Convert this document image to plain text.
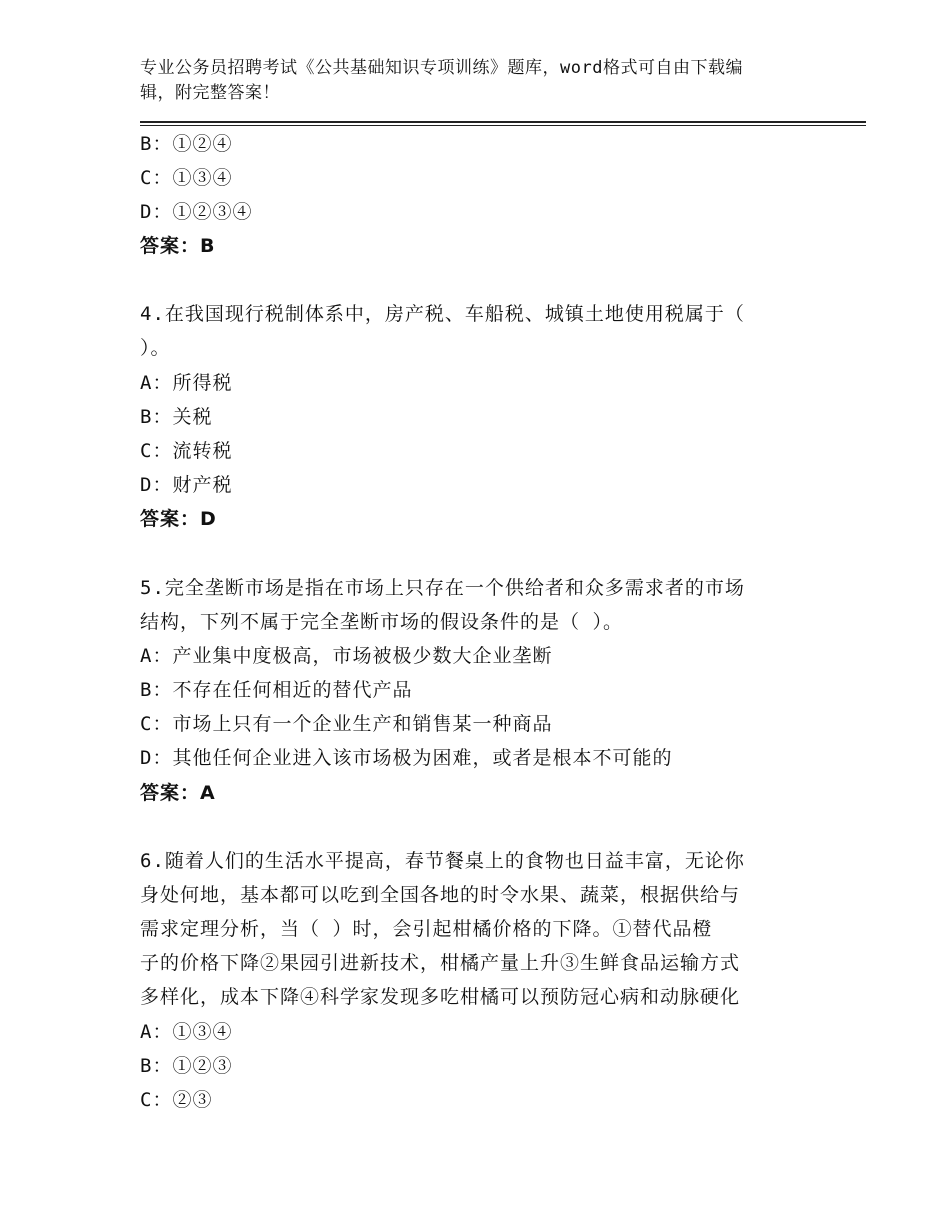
专业公务员招聘考试《公共基础知识专项训练》题库，word格式可自由下载编
辑，附完整答案！
B：①②④
C：①③④
D：①②③④
答案：B
4.在我国现行税制体系中，房产税、车船税、城镇土地使用税属于（
）。
A：所得税
B：关税
C：流转税
D：财产税
答案：D
5.完全垄断市场是指在市场上只存在一个供给者和众多需求者的市场
结构，下列不属于完全垄断市场的假设条件的是（ ）。
A：产业集中度极高，市场被极少数大企业垄断
B：不存在任何相近的替代产品
C：市场上只有一个企业生产和销售某一种商品
D：其他任何企业进入该市场极为困难，或者是根本不可能的
答案：A
6.随着人们的生活水平提高，春节餐桌上的食物也日益丰富，无论你
身处何地，基本都可以吃到全国各地的时令水果、蔬菜，根据供给与
需求定理分析，当（ ）时，会引起柑橘价格的下降。①替代品橙
子的价格下降②果园引进新技术，柑橘产量上升③生鲜食品运输方式
多样化，成本下降④科学家发现多吃柑橘可以预防冠心病和动脉硬化
A：①③④
B：①②③
C：②③
